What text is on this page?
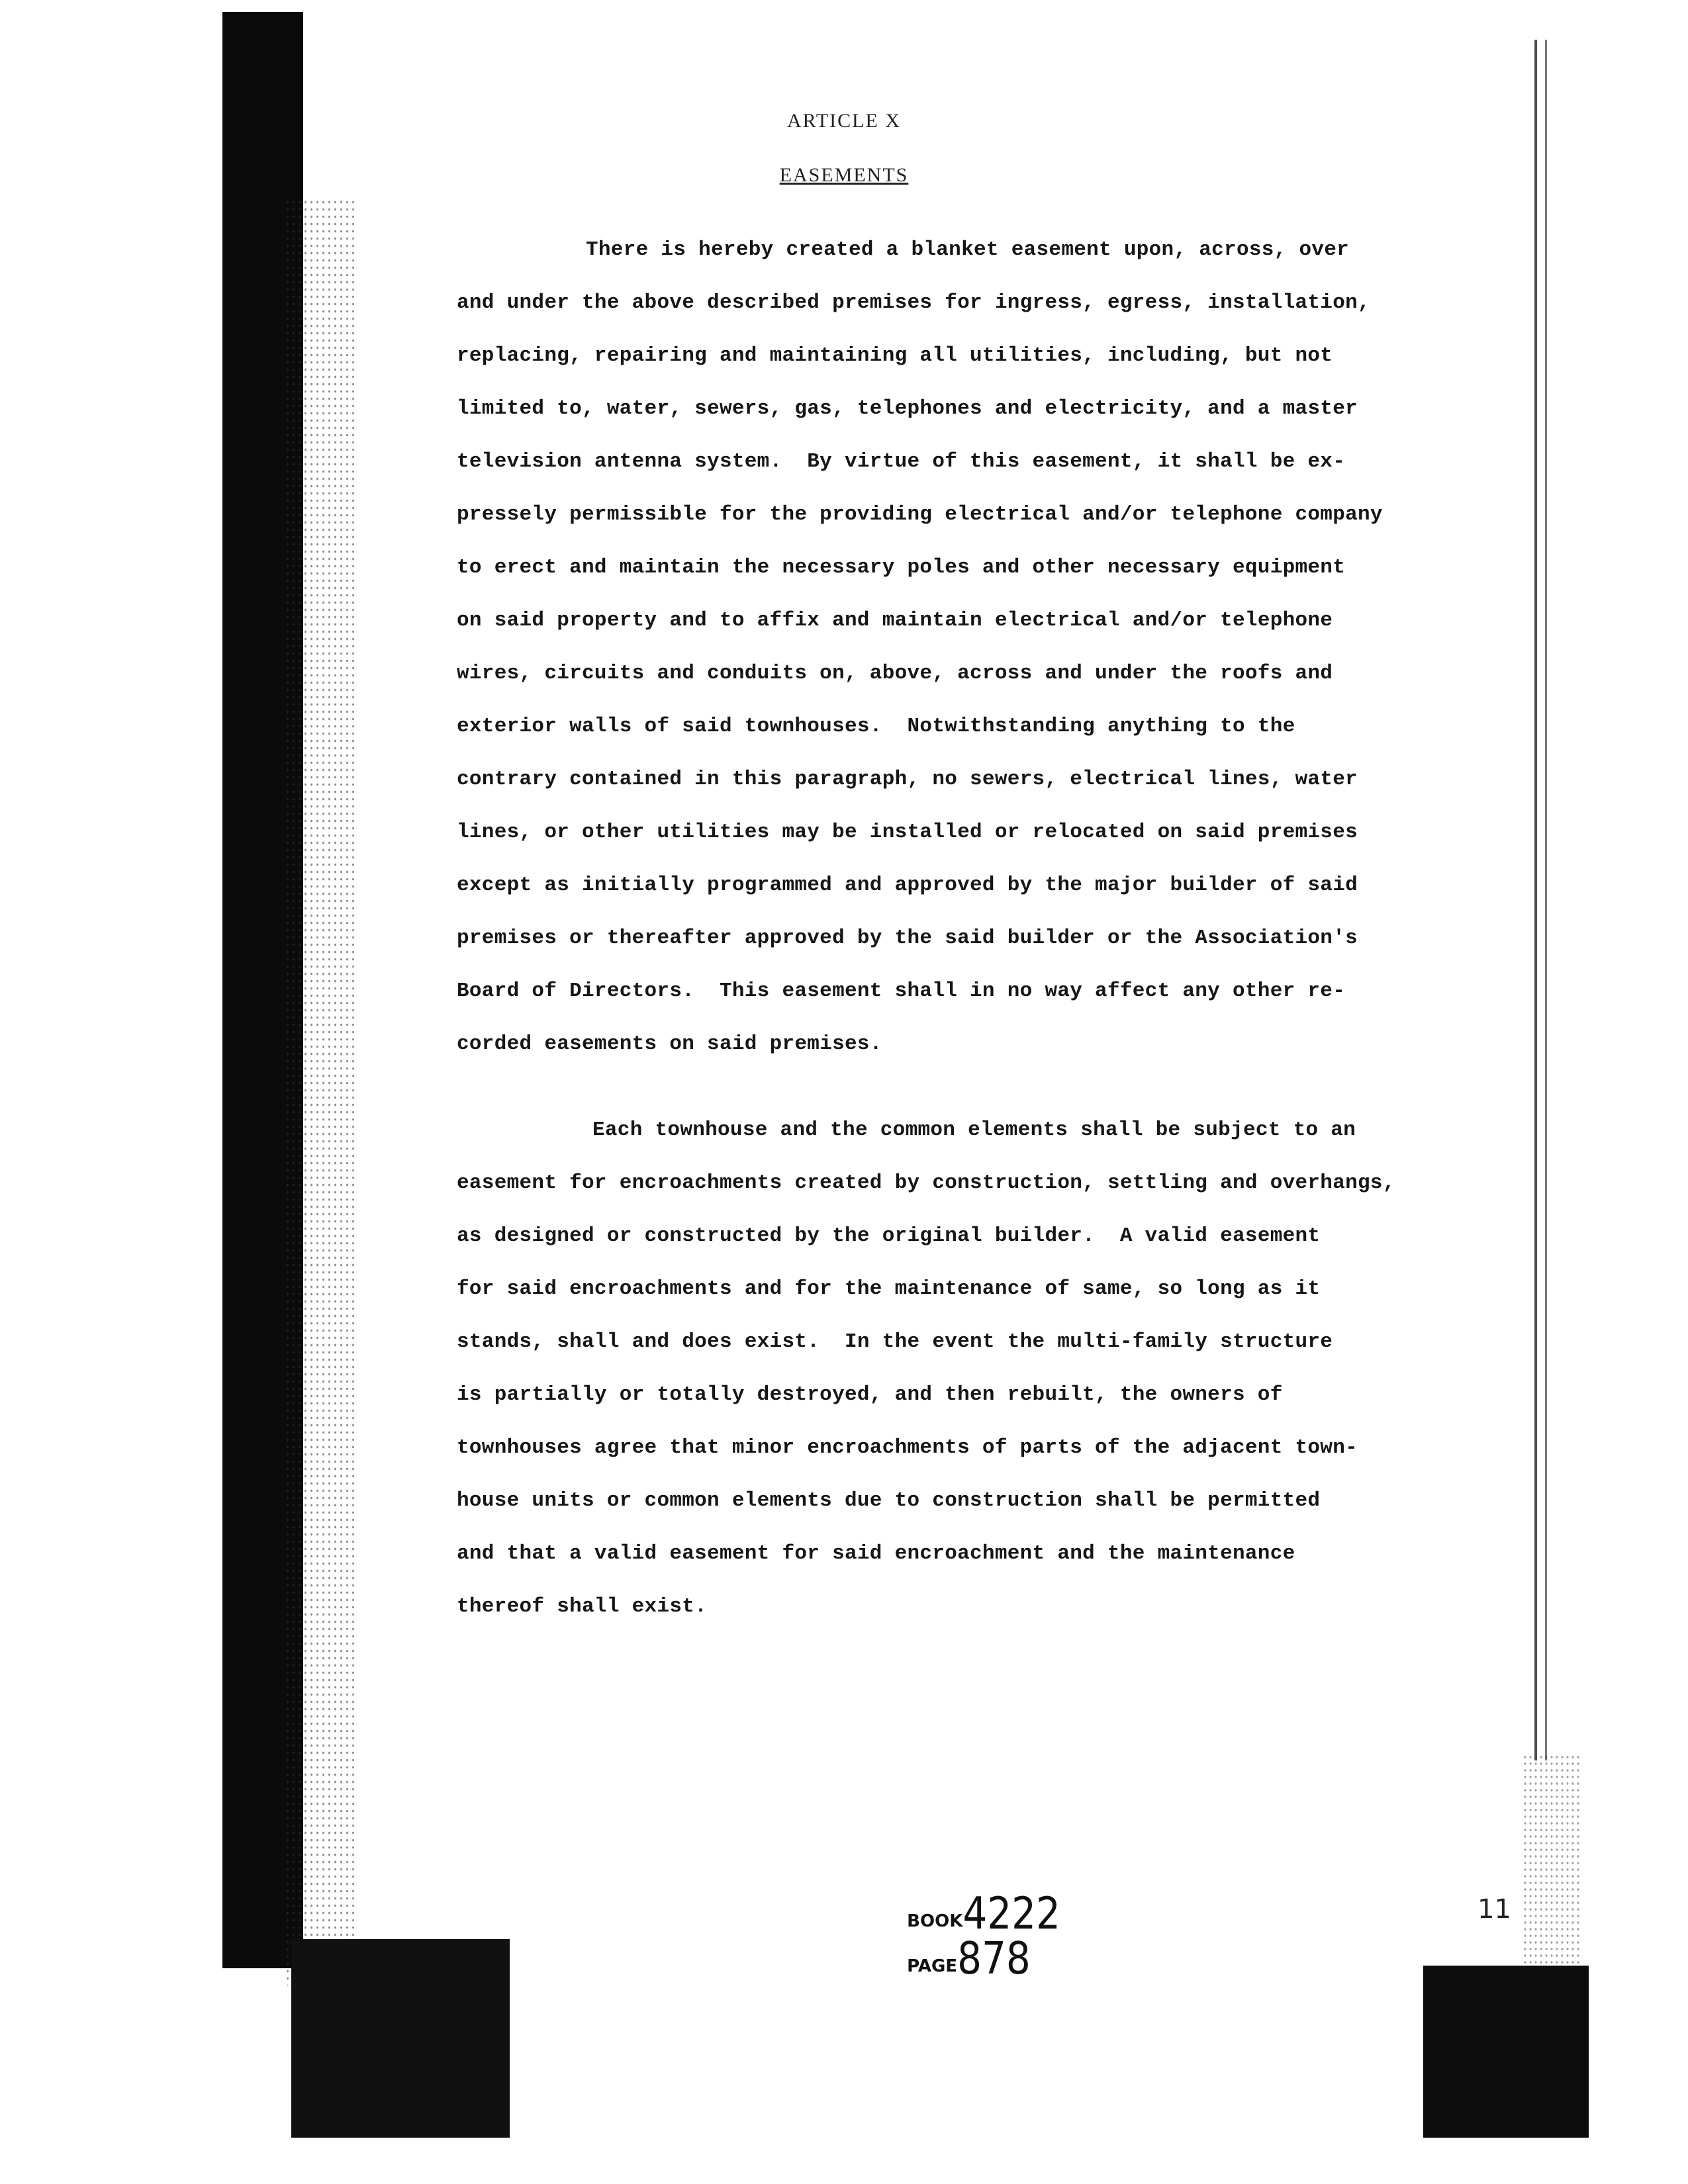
ARTICLE X
EASEMENTS
There is hereby created a blanket easement upon, across, over
and under the above described premises for ingress, egress, installation,
replacing, repairing and maintaining all utilities, including, but not
limited to, water, sewers, gas, telephones and electricity, and a master
television antenna system.  By virtue of this easement, it shall be ex-
pressely permissible for the providing electrical and/or telephone company
to erect and maintain the necessary poles and other necessary equipment
on said property and to affix and maintain electrical and/or telephone
wires, circuits and conduits on, above, across and under the roofs and
exterior walls of said townhouses.  Notwithstanding anything to the
contrary contained in this paragraph, no sewers, electrical lines, water
lines, or other utilities may be installed or relocated on said premises
except as initially programmed and approved by the major builder of said
premises or thereafter approved by the said builder or the Association's
Board of Directors.  This easement shall in no way affect any other re-
corded easements on said premises.
Each townhouse and the common elements shall be subject to an
easement for encroachments created by construction, settling and overhangs,
as designed or constructed by the original builder.  A valid easement
for said encroachments and for the maintenance of same, so long as it
stands, shall and does exist.  In the event the multi-family structure
is partially or totally destroyed, and then rebuilt, the owners of
townhouses agree that minor encroachments of parts of the adjacent town-
house units or common elements due to construction shall be permitted
and that a valid easement for said encroachment and the maintenance
thereof shall exist.

BOOK4222
PAGE878

11
